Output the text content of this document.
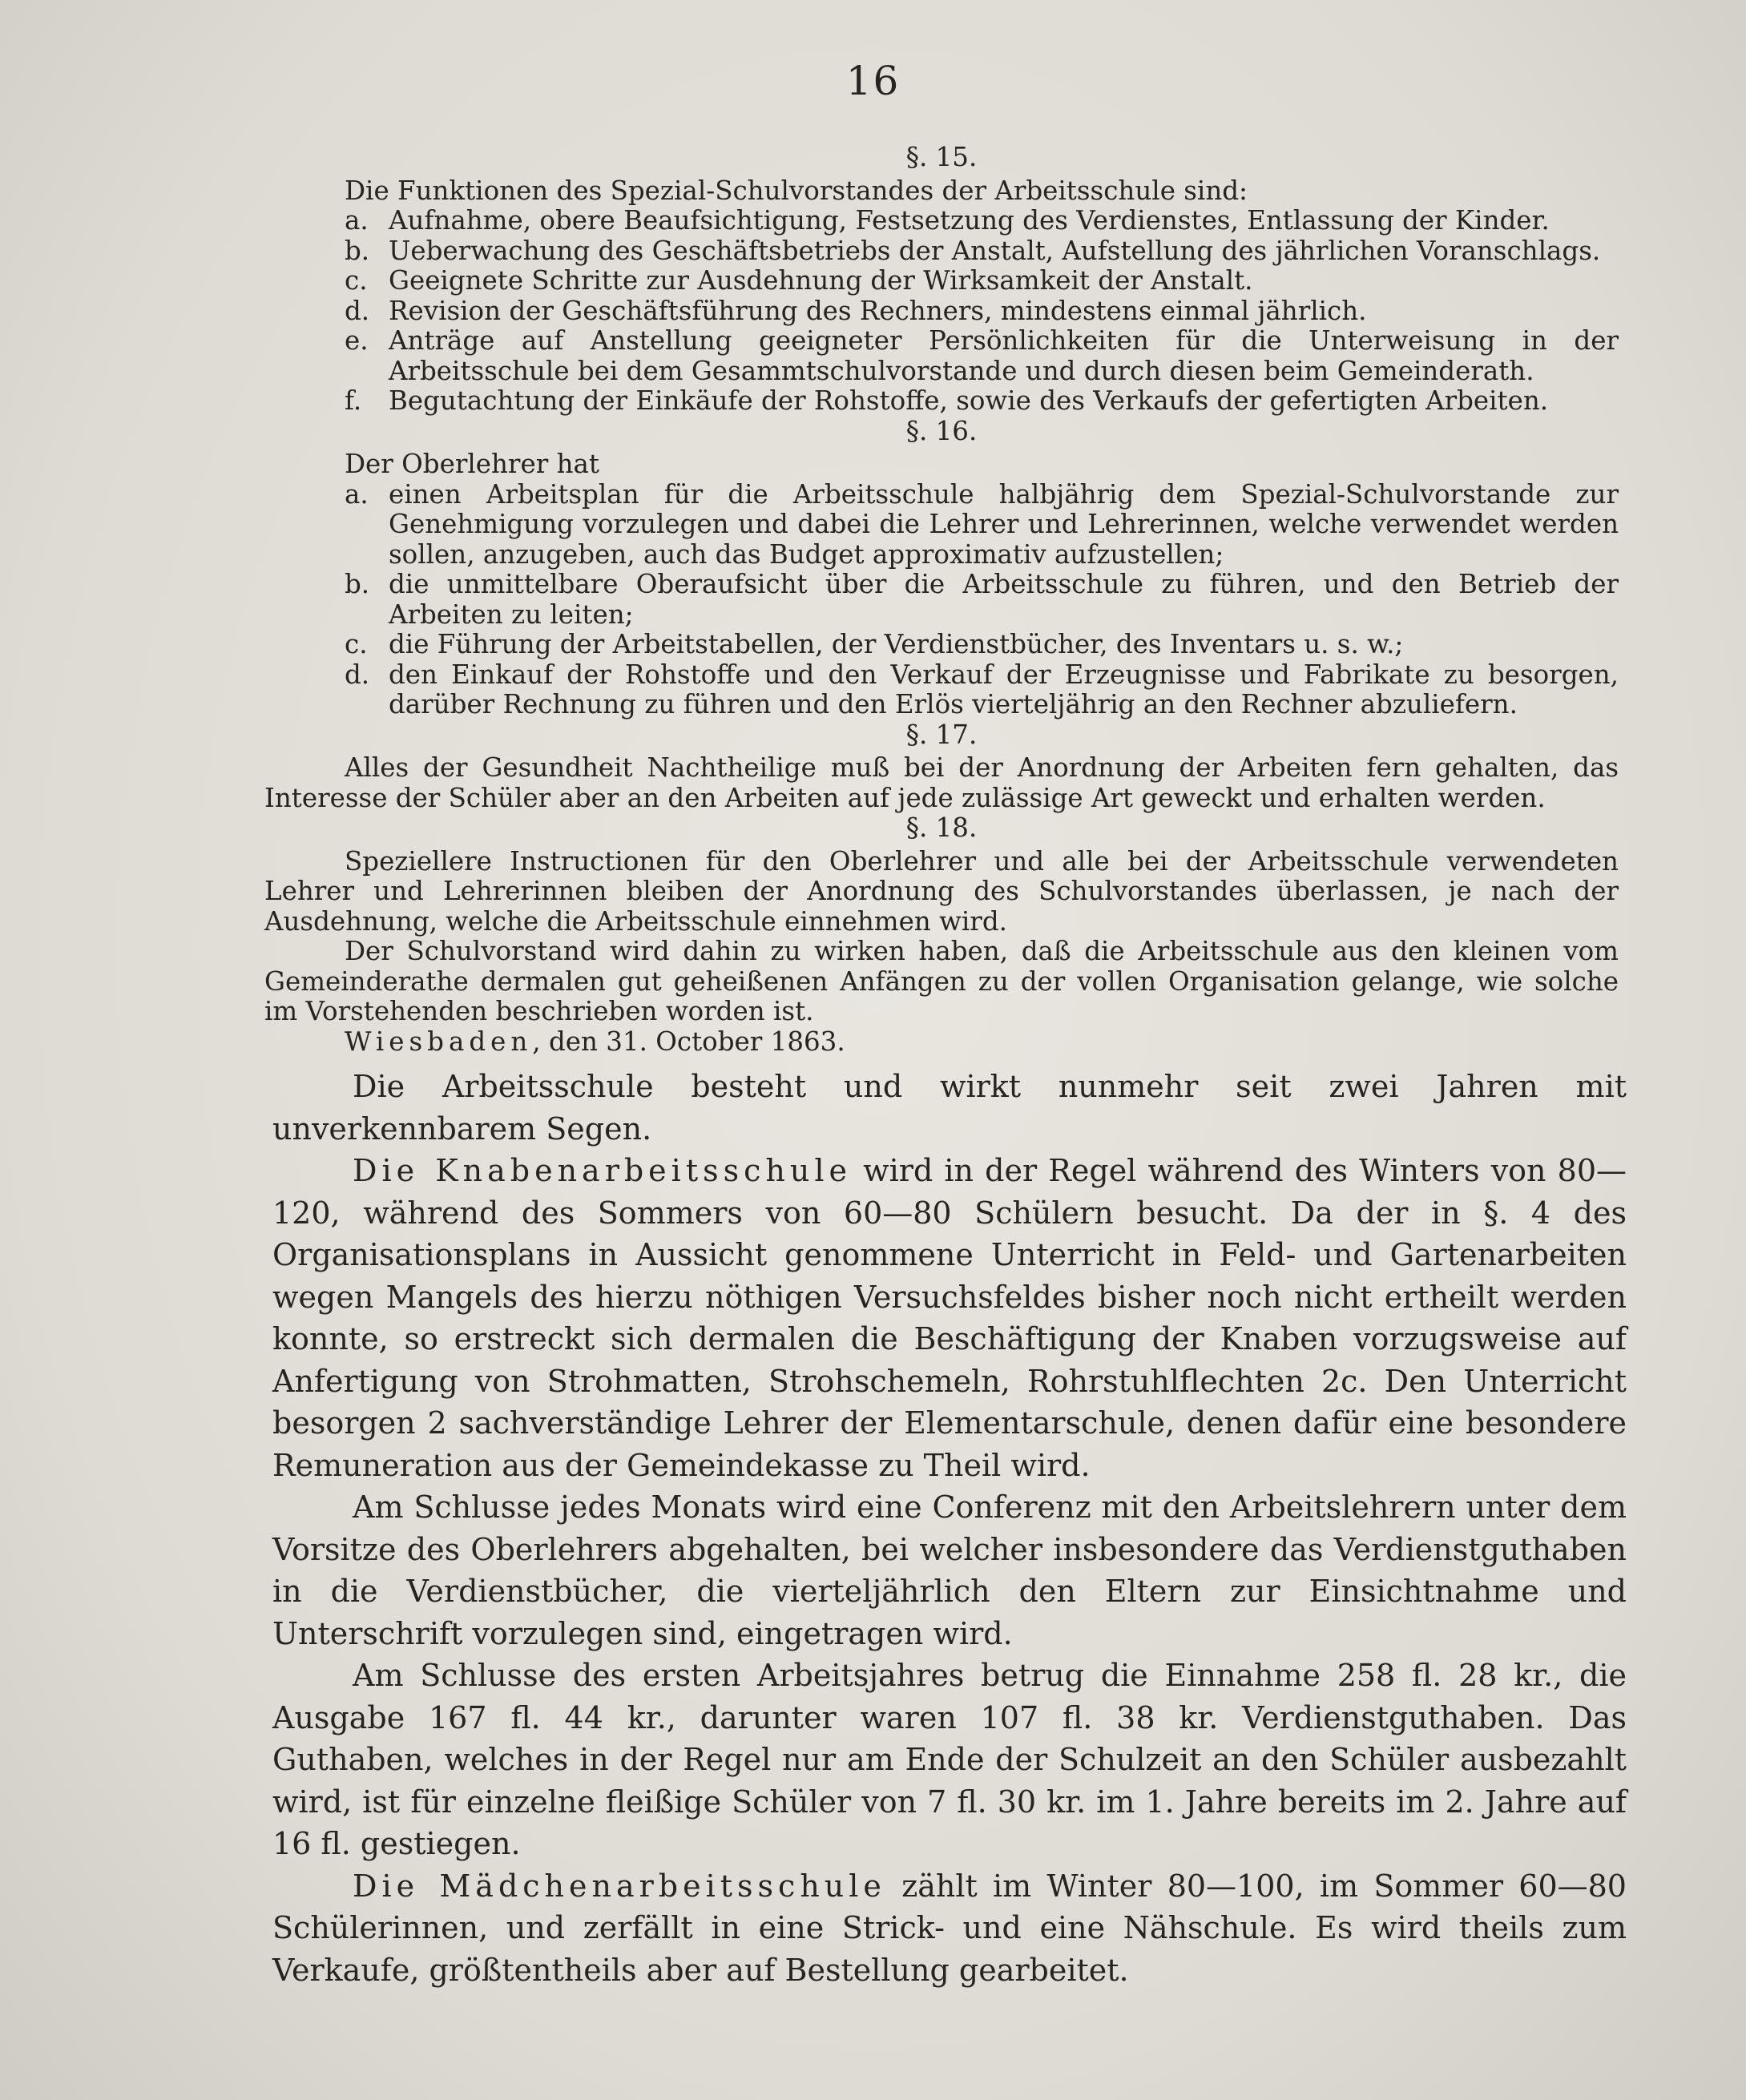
16
§. 15.

Die Funktionen des Spezial-Schulvorstandes der Arbeitsschule sind:

a. Aufnahme, obere Beaufsichtigung, Festsetzung des Verdienstes, Entlassung der Kinder.
b. Ueberwachung des Geschäftsbetriebs der Anstalt, Aufstellung des jährlichen Voranschlags.
c. Geeignete Schritte zur Ausdehnung der Wirksamkeit der Anstalt.
d. Revision der Geschäftsführung des Rechners, mindestens einmal jährlich.
e. Anträge auf Anstellung geeigneter Persönlichkeiten für die Unterweisung in der Arbeitsschule bei dem Gesammtschulvorstande und durch diesen beim Gemeinderath.
f. Begutachtung der Einkäufe der Rohstoffe, sowie des Verkaufs der gefertigten Arbeiten.
§. 16.

Der Oberlehrer hat

a. einen Arbeitsplan für die Arbeitsschule halbjährig dem Spezial-Schulvorstande zur Genehmigung vorzulegen und dabei die Lehrer und Lehrerinnen, welche verwendet werden sollen, anzugeben, auch das Budget approximativ aufzustellen;
b. die unmittelbare Oberaufsicht über die Arbeitsschule zu führen, und den Betrieb der Arbeiten zu leiten;
c. die Führung der Arbeitstabellen, der Verdienstbücher, des Inventars u. s. w.;
d. den Einkauf der Rohstoffe und den Verkauf der Erzeugnisse und Fabrikate zu besorgen, darüber Rechnung zu führen und den Erlös vierteljährig an den Rechner abzuliefern.
§. 17.

Alles der Gesundheit Nachtheilige muß bei der Anordnung der Arbeiten fern gehalten, das Interesse der Schüler aber an den Arbeiten auf jede zulässige Art geweckt und erhalten werden.

§. 18.

Speziellere Instructionen für den Oberlehrer und alle bei der Arbeitsschule verwendeten Lehrer und Lehrerinnen bleiben der Anordnung des Schulvorstandes überlassen, je nach der Ausdehnung, welche die Arbeitsschule einnehmen wird.

Der Schulvorstand wird dahin zu wirken haben, daß die Arbeitsschule aus den kleinen vom Gemeinderathe dermalen gut geheißenen Anfängen zu der vollen Organisation gelange, wie solche im Vorstehenden beschrieben worden ist.

Wiesbaden, den 31. October 1863.

Die Arbeitsschule besteht und wirkt nunmehr seit zwei Jahren mit unverkennbarem Segen.

Die Knabenarbeitsschule wird in der Regel während des Winters von 80—120, während des Sommers von 60—80 Schülern besucht. Da der in §. 4 des Organisationsplans in Aussicht genommene Unterricht in Feld- und Gartenarbeiten wegen Mangels des hierzu nöthigen Versuchsfeldes bisher noch nicht ertheilt werden konnte, so erstreckt sich dermalen die Beschäftigung der Knaben vorzugsweise auf Anfertigung von Strohmatten, Strohschemeln, Rohrstuhlflechten 2c. Den Unterricht besorgen 2 sachverständige Lehrer der Elementarschule, denen dafür eine besondere Remuneration aus der Gemeindekasse zu Theil wird.

Am Schlusse jedes Monats wird eine Conferenz mit den Arbeitslehrern unter dem Vorsitze des Oberlehrers abgehalten, bei welcher insbesondere das Verdienstguthaben in die Verdienstbücher, die vierteljährlich den Eltern zur Einsichtnahme und Unterschrift vorzulegen sind, eingetragen wird.

Am Schlusse des ersten Arbeitsjahres betrug die Einnahme 258 fl. 28 kr., die Ausgabe 167 fl. 44 kr., darunter waren 107 fl. 38 kr. Verdienstguthaben. Das Guthaben, welches in der Regel nur am Ende der Schulzeit an den Schüler ausbezahlt wird, ist für einzelne fleißige Schüler von 7 fl. 30 kr. im 1. Jahre bereits im 2. Jahre auf 16 fl. gestiegen.

Die Mädchenarbeitsschule zählt im Winter 80—100, im Sommer 60—80 Schülerinnen, und zerfällt in eine Strick- und eine Nähschule. Es wird theils zum Verkaufe, größtentheils aber auf Bestellung gearbeitet.
